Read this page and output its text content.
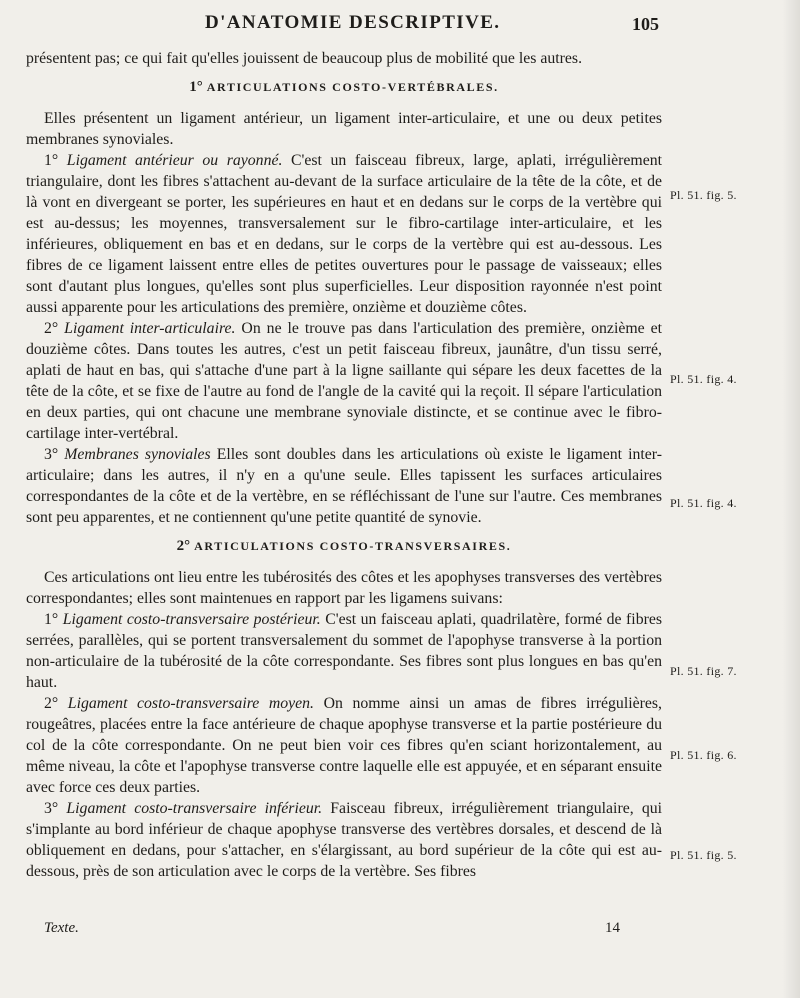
D'ANATOMIE DESCRIPTIVE.	105

présentent pas; ce qui fait qu'elles jouissent de beaucoup plus de mobilité que les autres.

1° ARTICULATIONS COSTO-VERTÉBRALES.

Elles présentent un ligament antérieur, un ligament inter-articulaire, et une ou deux petites membranes synoviales.

1° Ligament antérieur ou rayonné. C'est un faisceau fibreux, large, aplati, irrégulièrement triangulaire, dont les fibres s'attachent au-devant de la surface articulaire de la tête de la côte, et de là vont en divergeant se porter, les supérieures en haut et en dedans sur le corps de la vertèbre qui est au-dessus; les moyennes, transversalement sur le fibro-cartilage inter-articulaire, et les inférieures, obliquement en bas et en dedans, sur le corps de la vertèbre qui est au-dessous. Les fibres de ce ligament laissent entre elles de petites ouvertures pour le passage de vaisseaux; elles sont d'autant plus longues, qu'elles sont plus superficielles. Leur disposition rayonnée n'est point aussi apparente pour les articulations des première, onzième et douzième côtes.

2° Ligament inter-articulaire. On ne le trouve pas dans l'articulation des première, onzième et douzième côtes. Dans toutes les autres, c'est un petit faisceau fibreux, jaunâtre, d'un tissu serré, aplati de haut en bas, qui s'attache d'une part à la ligne saillante qui sépare les deux facettes de la tête de la côte, et se fixe de l'autre au fond de l'angle de la cavité qui la reçoit. Il sépare l'articulation en deux parties, qui ont chacune une membrane synoviale distincte, et se continue avec le fibro-cartilage inter-vertébral.

3° Membranes synoviales Elles sont doubles dans les articulations où existe le ligament inter-articulaire; dans les autres, il n'y en a qu'une seule. Elles tapissent les surfaces articulaires correspondantes de la côte et de la vertèbre, en se réfléchissant de l'une sur l'autre. Ces membranes sont peu apparentes, et ne contiennent qu'une petite quantité de synovie.

2° ARTICULATIONS COSTO-TRANSVERSAIRES.

Ces articulations ont lieu entre les tubérosités des côtes et les apophyses transverses des vertèbres correspondantes; elles sont maintenues en rapport par les ligamens suivans:

1° Ligament costo-transversaire postérieur. C'est un faisceau aplati, quadrilatère, formé de fibres serrées, parallèles, qui se portent transversalement du sommet de l'apophyse transverse à la portion non-articulaire de la tubérosité de la côte correspondante. Ses fibres sont plus longues en bas qu'en haut.

2° Ligament costo-transversaire moyen. On nomme ainsi un amas de fibres irrégulières, rougeâtres, placées entre la face antérieure de chaque apophyse transverse et la partie postérieure du col de la côte correspondante. On ne peut bien voir ces fibres qu'en sciant horizontalement, au même niveau, la côte et l'apophyse transverse contre laquelle elle est appuyée, et en séparant ensuite avec force ces deux parties.

3° Ligament costo-transversaire inférieur. Faisceau fibreux, irrégulièrement triangulaire, qui s'implante au bord inférieur de chaque apophyse transverse des vertèbres dorsales, et descend de là obliquement en dedans, pour s'attacher, en s'élargissant, au bord supérieur de la côte qui est au-dessous, près de son articulation avec le corps de la vertèbre. Ses fibres

Pl. 51. fig. 5.
Pl. 51. fig. 4.
Pl. 51. fig. 4.
Pl. 51. fig. 7.
Pl. 51. fig. 6.
Pl. 51. fig. 5.
Texte.	14
